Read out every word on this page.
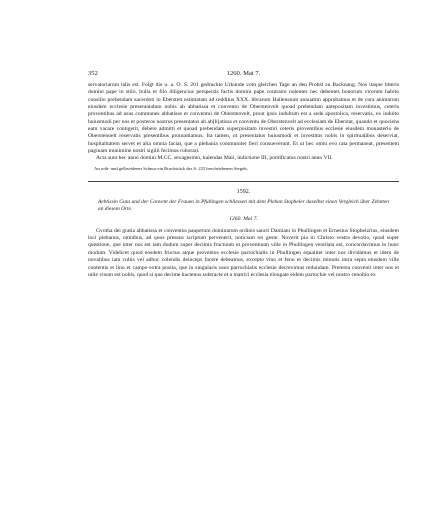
352	1260. Mai 7.

servatoriarum talis est. Folgt die u. a. O. S. 201 gedruckte Urkunde vom gleichen Tage an den Probst zu Backnang. Nos itaque litteris domini pape in stilo, bulla et filo diligencius perspectis factis domini pape contraire nolentes nec debentes bonorum virorum habito consilio prebendam sacerdoti in Ebersteit estimatam ad redditus XXX. librarum Hallensium annuatim approbamus et de cura animarum eiusdem ecclesie presentandum nobis ab abbatissa et conventu de Oberstenvelt quoad prebendam antepositam investimus, ceteris proventibus ad usus communes abbatisse et conventui de Oberstenvelt, prout ipsis indultum est a sede apostolica, reservatis, ex indulto huiusmodi per nos et posteros nostros presentatos ab ab[b]atissa et conventu de Oberstenvelt ad ecclesiam de Eberstat, quando et quociens eam vacare contigerit, debere admitti et quoad prebendam superpositam investiri ceteris proventibus ecclesie eiusdem monasterio de Oberstenoelt reservatis presentibus pronuntiamus. Ita tamen, ut presentatus huiusmodi et investitus nobis in spiritualibus deserviat, hospitalitatem servet et alia omnia faciat, que a plebania communiter fieri consueverunt. Et ut hec omni evo rata permaneat, presentem paginam munimine nostri sigilli fecimus roborari.

Acta sunt hec anno domini M.CC. sexagesimo, kalendas Maii, indictione III, pontificatus nostri anno VII.

An roth- und gelbseidener Schnur ein Bruchstück des S. 225 beschriebenen Siegels.
1592.
Aebtissin Guta und der Convent der Frauen in Pfullingen schliessen mit dem Pleban Stopheler daselbst einen Vergleich über Zehnten an diesem Orte.
1260. Mai 7.

Gvotha dei gratia abbatissa et conventus pauperum dominarum ordinis sancti Damiani in Phullingen et Ernestus Stophelzrius, eiusdem loci plebanus, omnibus, ad quos presens scriptum pervenerit, noticiam rei geste. Noverit pia in Christo vestra devotio, quod super questione, que inter nos est iam dudum super decimis fructuum et proventuum ville in Phullingen ventilata est, concordavimus in hunc modum. Videlicet quod eosdem fructus atque proventus ecclesie parrochialis in Phullingen equaliter inter nos dividamus et idem de novalibus iam cultis vel adhuc colendis deinceps facere debeamus, excepto vino et feno et decimis minutis intra septa eiusdem ville contentis et lino et campo extra posita, que in singularis usus parrochialis ecclesie decrevimus redundare. Preterea convenit inter nos et utile visum est nobis, quod si que decime hactenus subtracte et a matrici ecclesia elongate eidem parrochie vel nostro cenobio ex
